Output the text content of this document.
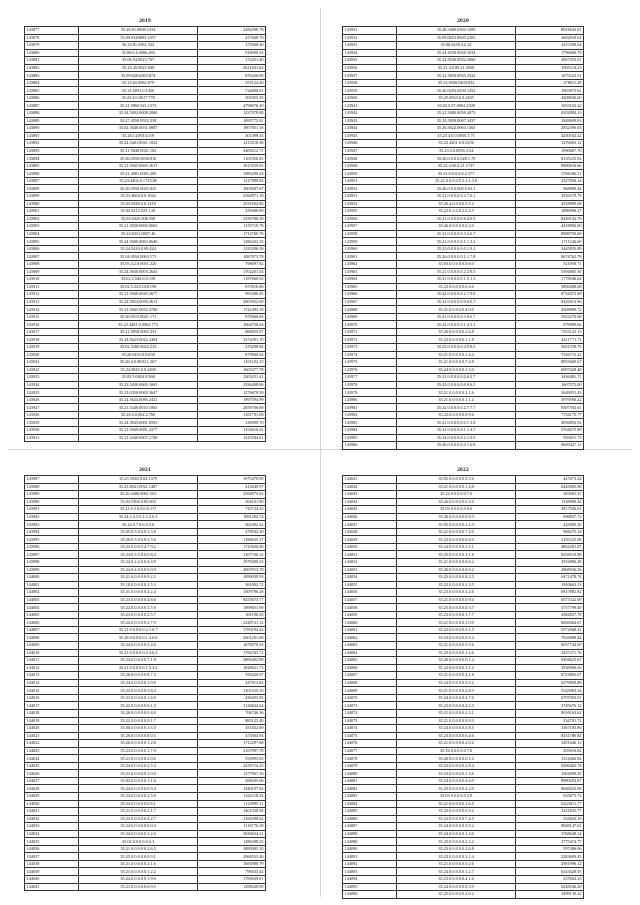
2019
143877	35.26.81.0968.1414	2282598.78
143878	35.09.0340893.1357	417608.70
143879	36.23.81.0381.332	373568.46
143880	35.00.0.4.0066.283	918000.54
143881	35.06.54.0023.767	374451.40
143882	35.23.45.0025.949	2621631.62
143883	35.09.820.6963.874	876426.09
143884	35.23.65.0082.879	355124.20
143885	35.21.5852.0.1450	724006.81
143886	35.23.4.0.0617.778	501055.35
143887	35.21.5860.921.1373	4798676.10
143888	35.24.5802.0008.2060	1237978.80
143889	35.27.4550.9552.338	1095772.81
143890	35.02.5848.0051.0887	1807851.18
143891	35.26.14.0014.119	301499.34
143892	35.24.5401.0041.1822	1213518.38
143893	35.21.5840.0041.182	3409212.71
143894	35.26.0550.6936.810	1101956.45
143895	35.21.5845.0065.3617	1613559.65
143896	35.21.4981.0081.209	1983299.24
143897	35.23.4402.0.1723.80	1317890.82
143898	35.26.0550.0045.925	1003687.67
143899	35.23.4664.0.0.1644	2560871.18
143900	35.03.5846.0.0.1418	2531604.96
143901	35.03.4315.025.1.81	239466.89
143902	35.03.0426.008.358	2339780.29
143903	35.21.5830.0065.0663	1135719.78
143904	35.24.0351.0807.46	1712760.76
143905	35.24.5600.0063.0640	1286432.35
143906	35.24.5420.0.09.424	1335296.58
143907	35.04.0594.0063.171	1087873.78
143908	35.05.4.2.0.0051.220	798097.82
143909	35.24.5630.0003.2643	1702201.04
143910	35.02.5.040.0.0.158	1187660.92
143911	35.02.5.24.0.028.198	875916.86
143912	35.21.5840.0045.3677	995486.45
143913	35.24.5824.0050.2613	3903952.69
143914	35.21.5845.0052.2700	1742493.18
143915	35.26.0515.0041.171	870066.83
143916	35.23.4401.0.0064.773	1064756.04
143917	35.21.5850.0065.333	866055.87
143918	35.24.5623.0022.2464	3374291.70
143919	35.02.5200.0022.233	270298.84
143920	35.26.0433.0.0.658	879808.64
143921	35.26.4.0.0050.1.267	1101102.15
143922	35.24.5845.0.0.2490	1605377.78
143923	35.03.5.0004.0.968	1205251.41
143924	35.23.5430.0065.1665	3336408.86
143925	35.23.0350.0065.3647	1276678.59
143926	35.24.5624.0085.2421	1997594.99
143927	35.21.5440.0010.1065	2859706.68
143928	35.26.0.0.002.2.760	1181791.08
143929	35.24.5845.0001.6593	130999.70
143930	35.21.5849.0081.2377	1152616.42
143931	35.21.5440.0007.1748	1215504.61
2020
143931	35.28.5400.0504.1509	8018643.01
143932	35.09.0023.8805.2103	2602010.62
143933	35.06.0250.4.0.22	3415308.04
143934	35.24.4550.0058.1034	1796600.79
143935	35.24.5630.0052.2060	2067553.01
143936	35.21.4.0.00.21.4560	1905114.23
143937	35.22.5820.0055.2322	1075223.51
143938	35.23.0500.0403.832	278011.28
143939	35.26.0203.0430.1452	1963875.61
143940	35.25.0563.0.9.2405	4208636.60
143941	35.02.5.07.0063.2509	1653163.22
143942	35.21.5400.0058.2073	8202884.13
143943	35.23.5858.0007.3437	1848609.63
143944	35.26.5622.0064.1365	2852396.03
143945	35.23.4.0.0.0050.1.71	4250102.22
143946	35.23.4201.0.0.0256	1276683.12
143947	35.23.0.0.0056.3.54	1990687.70
143948	35.26.0.0.0.0.028.1.70	8135235.92
143949	35.23.4.00.0.21.1737	8880016.66
143950	35.21.0.0.0.0.0.2.377	5766186.11
143951	35.21.0.0.0.0.0.2.2.1.3.0	2327836.14
143952	35.26.0.0.0.000.0.03.1	968980.44
143953	35.21.0.0.0.0.0.2.7.0.1	4356379.78
143954	35.26.4.0.0.0.0.5.5.2	2918899.08
143955	35.22.0.2.0.0.2.2.4.5	1886986.27
143956	35.21.0.0.0.0.0.8.4.0.3	8449132.76
143957	35.26.0.0.0.0.0.0.2.0	4418856.60
143958	35.21.0.0.0.0.0.3.3.6.7	8988790.68
143959	35.21.0.0.0.0.0.1.1.3.2	1711226.69
143960	35.23.0.0.0.0.0.0.1.9.1	5445835.89
143961	35.26.0.0.0.0.0.1.1.7.8	8674762.78
143962	35.03.0.0.0.0.0.0.6.0	521958.71
143963	35.21.0.0.0.0.0.2.3.9.5	5394885.56
143964	35.21.0.0.0.0.0.1.5.1.3	1778946.62
143965	35.23.0.0.0.0.0.0.4.6	5806408.68
143966	35.22.0.0.0.0.0.2.7.9.8	8734472.98
143967	35.21.0.0.0.0.0.0.6.0.7	8425013.96
143968	35.21.0.0.0.0.0.4.0.0	4308899.72
143969	35.21.0.0.0.0.0.3.8.6.7	5923270.68
143970	35.22.0.0.0.0.0.1.4.5.1	879889.66
143971	35.26.0.0.0.0.0.2.6.8	7353122.13
143972	35.23.0.0.0.0.0.1.1.8	4411771.71
143973	35.23.0.0.0.0.0.4.9.8.3	5631558.79
143974	35.21.0.0.0.0.0.1.4.4	7326715.22
143975	35.21.0.0.0.0.0.7.4.8	8853669.67
143976	35.24.0.0.0.0.0.1.3.0	6097428.48
143977	35.21.0.0.0.0.0.0.0.2.7	3436481.71
143978	35.23.0.0.0.0.0.0.9.6.5	1607575.00
143979	35.21.0.0.0.0.0.2.1.6	1649051.43
143980	35.21.0.0.0.0.0.1.1.2	3979590.22
143981	35.22.0.0.0.0.0.2.7.7.7	8507592.61
143982	35.22.0.0.0.0.0.0.9.6	7734175.77
143983	35.21.0.0.0.0.0.0.1.3.8	4956894.92
143984	35.21.0.0.0.0.0.1.1.4.7	5764675.89
143985	35.24.0.0.0.0.0.2.1.5.9	955651.75
143986	35.26.0.0.0.0.0.0.1.6.8	8693427.11
2021
143987	35.21.5840.0.04.1379	1975470.89
143988	35.23.8041.0021.1487	412649.97
143989	35.26.4406.0061.563	2584875.62
143990	35.03.5560.0.05.603	364101.80
143991	35.21.0.5.0.0.0.0.117	745734.35
143992	35.24.5.4.5.0.2.2.2.6.3	1091204.74
143993	35.24.0.7.0.6.0.5.6	362302.32
143994	35.05.0.5.0.0.0.3.3.8	278032.50
143995	35.26.0.5.0.0.0.3.5.6	1186635.17
143996	35.23.0.0.0.5.4.7.9.2	1725826.49
143997	35.24.0.3.5.8.0.0.8.4	1107706.22
143998	35.24.0.2.2.0.0.4.4.9	1979209.23
143999	35.24.0.4.0.0.0.9.0.9	2067913.78
144000	35.21.0.0.0.0.0.9.2.2	1899039.93
144001	35.18.0.0.0.0.0.3.5.3	361002.72
144002	35.21.0.0.0.0.0.4.2.4	1509786.28
144003	35.23.0.0.0.0.0.4.6.6	8455673.77
144004	35.22.0.0.0.0.0.1.5.9	1999051.99
144005	35.23.0.0.0.0.0.2.5.7	301196.35
144006	35.22.0.0.0.0.0.2.7.9	2228721.12
144007	35.21.0.0.0.0.0.2.1.6.7	1783194.42
144008	35.26.0.0.0.0.0.1.4.6.6	2601291.08
144009	35.24.0.0.0.0.0.5.4.6	1676970.54
144010	35.21.0.0.0.0.0.2.4.6.2	1782343.72
144011	35.24.0.0.0.0.0.7.1.8	2866402.98
144012	35.21.0.0.0.0.0.1.5.3.2	1828621.73
144013	35.26.0.0.0.0.0.8.7.3	556429.07
144014	35.24.0.0.0.0.0.1.9.8	447013.84
144015	35.22.0.0.0.0.0.3.8.4	1101525.10
144016	35.21.0.0.0.0.0.1.6.0	436453.95
144017	35.22.0.0.0.0.0.9.1.3	3126634.24
144018	35.26.0.0.0.0.0.0.4.0	706746.36
144019	35.22.0.0.0.0.0.0.1.7	885125.40
144020	35.00.0.0.0.0.0.3.6.3	351832.69
144021	35.26.0.0.0.0.0.8.0.5	474564.94
144022	35.26.0.0.0.0.0.1.2.8	1712297.68
144023	35.23.0.0.0.0.0.1.7.9	2167997.78
144024	35.21.0.0.0.0.0.2.0.6	533995.65
144025	35.24.0.0.0.0.0.2.5.3	2235714.25
144026	35.23.0.0.0.0.0.1.0.0	1377967.16
144027	35.02.0.0.0.0.0.1.1.6	298435.66
144028	35.24.0.0.0.0.0.0.9.4	1340197.92
144029	35.24.0.0.0.0.0.2.5.0	1342118.34
144030	35.24.0.0.0.0.0.0.6.1	1125995.11
144031	35.21.0.0.0.0.0.2.1.7	1401338.94
144032	35.23.0.0.0.0.0.4.2.7	1166398.62
144033	35.24.0.0.0.0.0.0.0.4	1116776.29
144034	35.24.0.0.0.0.0.1.2.6	3636634.21
144035	35.02.0.0.0.0.0.6.3	1286398.25
144036	35.21.0.0.0.0.0.2.6.5	1885985.35
144037	35.25.0.0.0.0.0.0.9.1	2966535.46
144038	35.21.0.0.0.0.0.2.1.6	1683988.79
144039	35.21.0.0.0.0.0.1.2.2	796533.42
144040	35.24.0.0.0.0.0.1.9.6	1785639.01
144041	35.21.0.0.0.0.0.6.9.5	1298520.89
2022
144041	35.05.0.0.0.0.0.5.5.6	447673.24
144042	35.21.0.0.0.0.0.1.4.8	6443085.88
144043	35.22.0.0.0.0.0.7.6	383581.37
144044	35.26.0.0.0.0.0.0.2.0	1338980.44
144045	35.03.0.0.0.0.0.0.6	2817926.01
144046	35.26.0.0.0.0.0.0.9.3	696847.72
144047	35.05.0.0.0.0.0.1.2.3	425090.30
144048	35.21.0.0.0.0.0.7.2.0	968275.34
144049	35.23.0.0.0.0.0.0.0.0	2105235.08
144050	35.24.0.0.0.0.0.1.5.1	4862281.07
144051	35.25.0.0.0.0.0.3.1.8	8258510.88
144052	35.21.0.0.0.0.0.8.6.2	2916886.28
144053	35.26.0.0.0.0.0.0.0.2	2868936.56
144054	35.23.0.0.0.0.0.8.2.3	6471478.74
144055	35.22.0.0.0.0.0.2.3.5	1910663.13
144056	35.23.0.0.0.0.0.3.2.6	6817882.82
144057	35.21.0.0.0.0.0.0.9.4	6575322.09
144058	35.25.0.0.0.0.0.0.3.7	5757799.49
144059	35.23.0.0.0.0.0.1.7.7	4384837.78
144060	35.21.0.0.0.0.0.1.0.9	6608464.67
144061	35.22.0.0.0.0.0.5.1.5	5572948.31
144062	35.23.0.0.0.0.0.0.3.4	7816888.44
144063	35.21.0.0.0.0.0.5.5.6	6037744.69
144064	35.23.0.0.0.0.0.1.2.6	3437271.76
144065	35.26.0.0.0.0.0.0.1.4	8494625.67
144066	35.22.0.0.0.0.0.3.1.2	3536966.56
144067	35.21.0.0.0.0.0.4.1.8	6723803.07
144068	35.24.0.0.0.0.0.3.5.2	6279809.89
144069	35.21.0.0.0.0.0.2.8.3	5525963.34
144070	35.24.0.0.0.0.0.2.7.6	6797093.01
144071	35.23.0.0.0.0.0.4.3.3	3745676.12
144072	35.21.0.0.0.0.0.2.3.1	8016163.62
144073	35.21.0.0.0.0.0.0.9.3	334781.72
144074	35.24.0.0.0.0.0.5.8.5	3367185.86
144075	35.23.0.0.0.0.0.6.4.6	8431786.84
144076	35.21.0.0.0.0.0.2.0.2	3201646.13
144077	35.16.0.0.0.0.0.7.6	455616.82
144078	35.26.0.0.0.0.0.0.1.4	1514466.84
144079	35.23.0.0.0.0.0.2.8.4	8286482.78
144080	35.23.0.0.0.0.0.1.3.6	3363099.35
144081	35.24.0.0.0.0.0.4.6.9	8989294.87
144082	35.23.0.0.0.0.0.2.2.9	8646023.69
144083	35.03.0.0.0.0.0.3.8	633675.73
144084	35.21.0.0.0.0.0.1.6.5	6423811.77
144085	35.23.0.0.0.0.0.0.9.2	3241835.77
144086	35.22.0.0.0.0.0.7.4.5	332826.10
144087	35.24.0.0.0.0.0.3.5.2	8848147.61
144088	35.24.0.0.0.0.0.1.4.6	3768648.14
144089	35.25.0.0.0.0.0.2.3.2	3775474.77
144090	35.23.0.0.0.0.0.2.6.8	597496.06
144091	35.23.0.0.0.0.0.3.1.4	2283609.45
144092	35.21.0.0.0.0.0.0.2.6	2981996.12
144093	35.24.0.0.0.0.0.1.2.7	6343428.93
144094	35.23.0.0.0.0.0.4.1.6	237662.23
144095	35.24.0.0.0.0.0.0.5.9	6248546.20
144096	35.25.0.0.0.0.0.2.0.2	3499139.22
